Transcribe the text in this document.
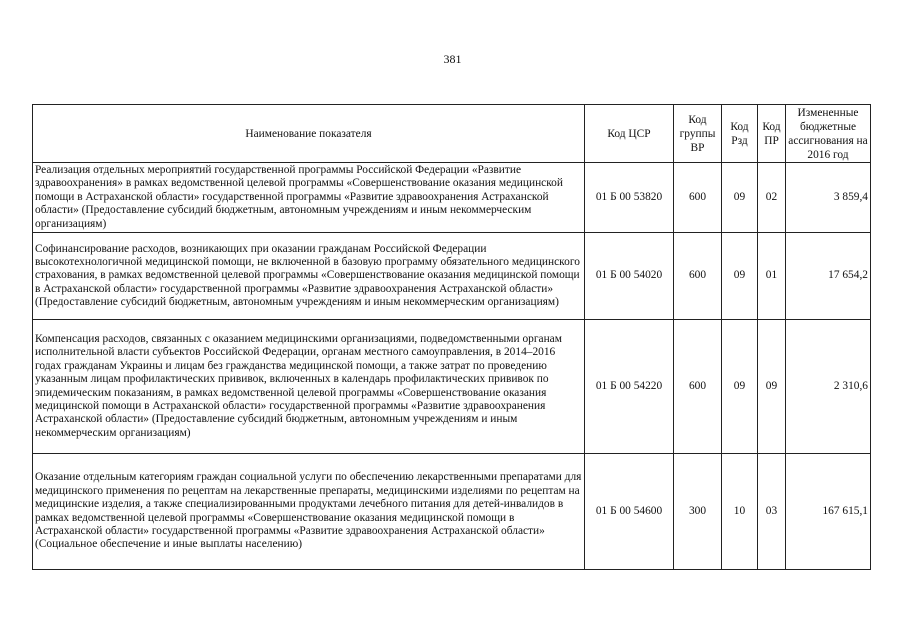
381
Наименование показателя	Код ЦСР	Код группы ВР	Код Рзд	Код ПР	Измененные бюджетные ассигнования на 2016 год
Реализация отдельных мероприятий государственной программы Российской Федерации «Развитие здравоохранения» в рамках ведомственной целевой программы «Совершенствование оказания медицинской помощи в Астраханской области» государственной программы «Развитие здравоохранения Астраханской области» (Предоставление субсидий бюджетным, автономным учреждениям и иным некоммерческим организациям)	01 Б 00 53820	600	09	02	3 859,4
Софинансирование расходов, возникающих при оказании гражданам Российской Федерации высокотехнологичной медицинской помощи, не включенной в базовую программу обязательного медицинского страхования, в рамках ведомственной целевой программы «Совершенствование оказания медицинской помощи в Астраханской области» государственной программы «Развитие здравоохранения Астраханской области» (Предоставление субсидий бюджетным, автономным учреждениям и иным некоммерческим организациям)	01 Б 00 54020	600	09	01	17 654,2
Компенсация расходов, связанных с оказанием медицинскими организациями, подведомственными органам исполнительной власти субъектов Российской Федерации, органам местного самоуправления, в 2014–2016 годах гражданам Украины и лицам без гражданства медицинской помощи, а также затрат по проведению указанным лицам профилактических прививок, включенных в календарь профилактических прививок по эпидемическим показаниям, в рамках ведомственной целевой программы «Совершенствование оказания медицинской помощи в Астраханской области» государственной программы «Развитие здравоохранения Астраханской области» (Предоставление субсидий бюджетным, автономным учреждениям и иным некоммерческим организациям)	01 Б 00 54220	600	09	09	2 310,6
Оказание отдельным категориям граждан социальной услуги по обеспечению лекарственными препаратами для медицинского применения по рецептам на лекарственные препараты, медицинскими изделиями по рецептам на медицинские изделия, а также специализированными продуктами лечебного питания для детей-инвалидов в рамках ведомственной целевой программы «Совершенствование оказания медицинской помощи в Астраханской области» государственной программы «Развитие здравоохранения Астраханской области» (Социальное обеспечение и иные выплаты населению)	01 Б 00 54600	300	10	03	167 615,1
